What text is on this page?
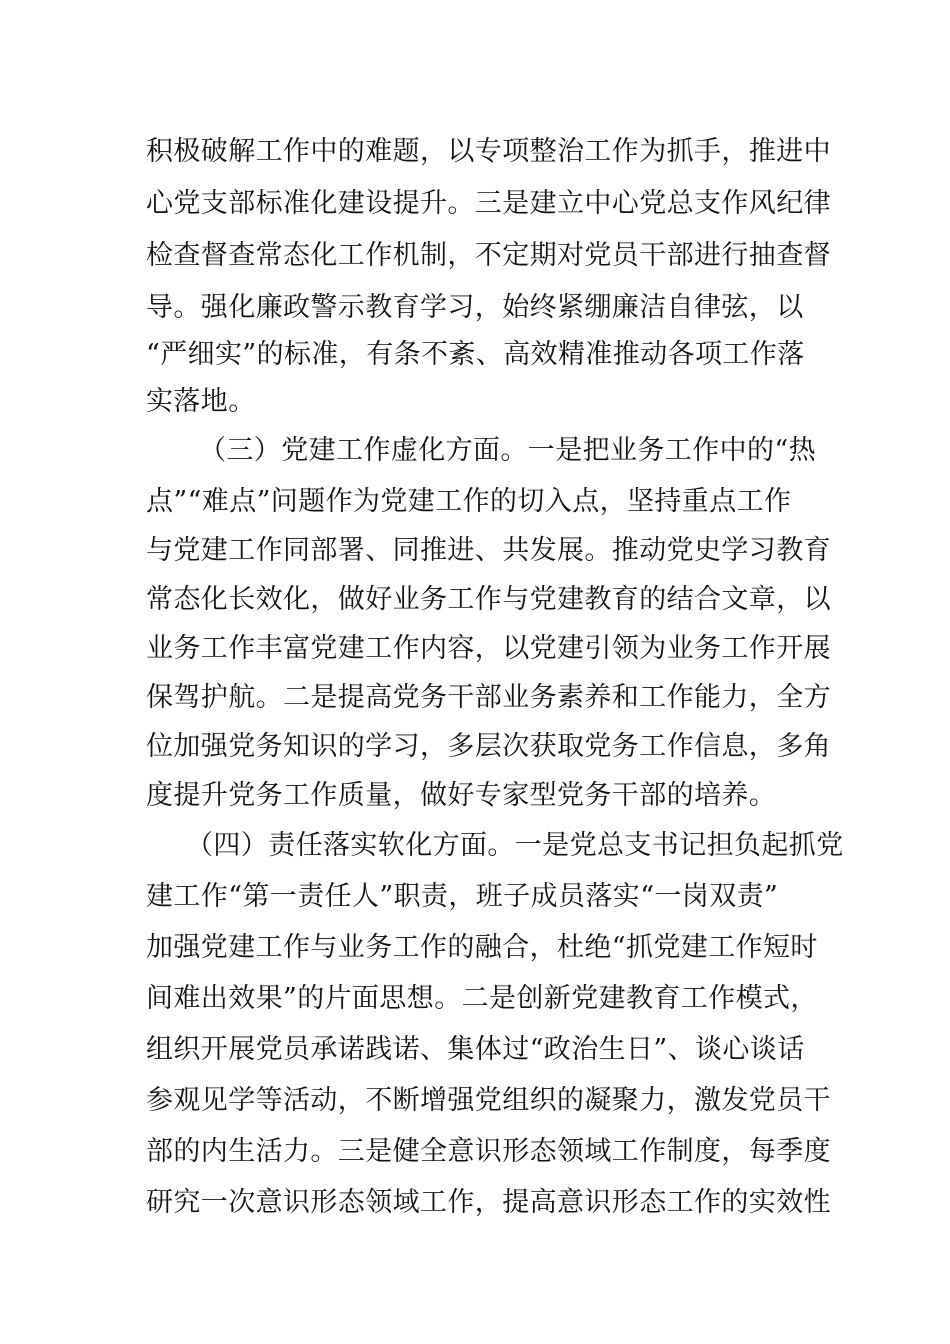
积极破解工作中的难题，以专项整治工作为抓手，推进中
心党支部标准化建设提升。三是建立中心党总支作风纪律
检查督查常态化工作机制，不定期对党员干部进行抽查督
导。强化廉政警示教育学习，始终紧绷廉洁自律弦，以
“严细实”的标准，有条不紊、高效精准推动各项工作落
实落地。
（三）党建工作虚化方面。一是把业务工作中的“热
点”“难点”问题作为党建工作的切入点，坚持重点工作
与党建工作同部署、同推进、共发展。推动党史学习教育
常态化长效化，做好业务工作与党建教育的结合文章，以
业务工作丰富党建工作内容，以党建引领为业务工作开展
保驾护航。二是提高党务干部业务素养和工作能力，全方
位加强党务知识的学习，多层次获取党务工作信息，多角
度提升党务工作质量，做好专家型党务干部的培养。
（四）责任落实软化方面。一是党总支书记担负起抓党
建工作“第一责任人”职责，班子成员落实“一岗双责”
加强党建工作与业务工作的融合，杜绝“抓党建工作短时
间难出效果”的片面思想。二是创新党建教育工作模式，
组织开展党员承诺践诺、集体过“政治生日”、谈心谈话
参观见学等活动，不断增强党组织的凝聚力，激发党员干
部的内生活力。三是健全意识形态领域工作制度，每季度
研究一次意识形态领域工作，提高意识形态工作的实效性
